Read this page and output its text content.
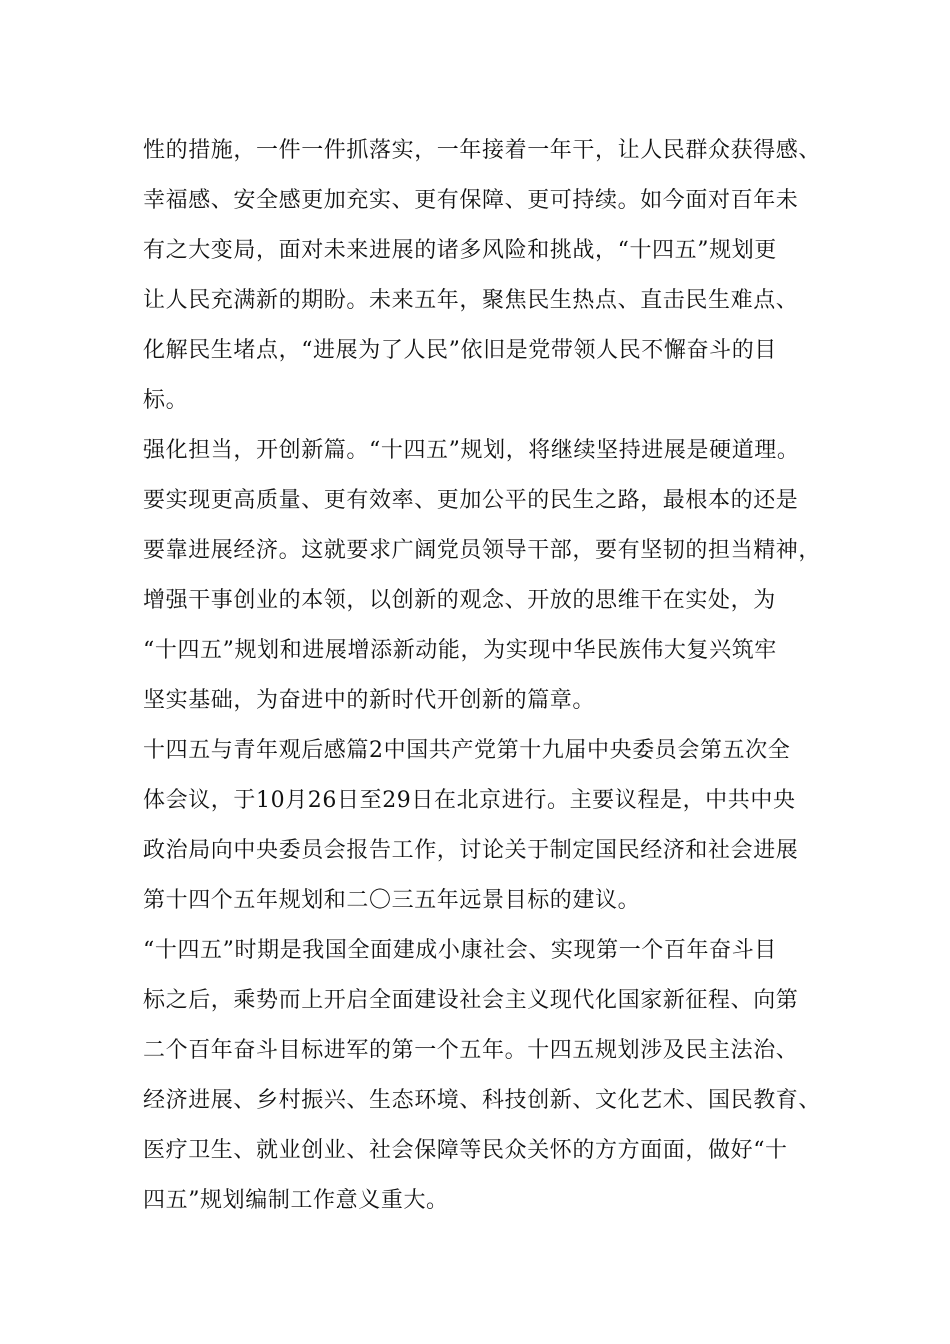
性的措施，一件一件抓落实，一年接着一年干，让人民群众获得感、

幸福感、安全感更加充实、更有保障、更可持续。如今面对百年未

有之大变局，面对未来进展的诸多风险和挑战，“十四五”规划更

让人民充满新的期盼。未来五年，聚焦民生热点、直击民生难点、

化解民生堵点，“进展为了人民”依旧是党带领人民不懈奋斗的目

标。

强化担当，开创新篇。“十四五”规划，将继续坚持进展是硬道理。

要实现更高质量、更有效率、更加公平的民生之路，最根本的还是

要靠进展经济。这就要求广阔党员领导干部，要有坚韧的担当精神，

增强干事创业的本领，以创新的观念、开放的思维干在实处，为

“十四五”规划和进展增添新动能，为实现中华民族伟大复兴筑牢

坚实基础，为奋进中的新时代开创新的篇章。

十四五与青年观后感篇2中国共产党第十九届中央委员会第五次全

体会议，于10月26日至29日在北京进行。主要议程是，中共中央

政治局向中央委员会报告工作，讨论关于制定国民经济和社会进展

第十四个五年规划和二〇三五年远景目标的建议。

“十四五”时期是我国全面建成小康社会、实现第一个百年奋斗目

标之后，乘势而上开启全面建设社会主义现代化国家新征程、向第

二个百年奋斗目标进军的第一个五年。十四五规划涉及民主法治、

经济进展、乡村振兴、生态环境、科技创新、文化艺术、国民教育、

医疗卫生、就业创业、社会保障等民众关怀的方方面面，做好“十

四五”规划编制工作意义重大。
